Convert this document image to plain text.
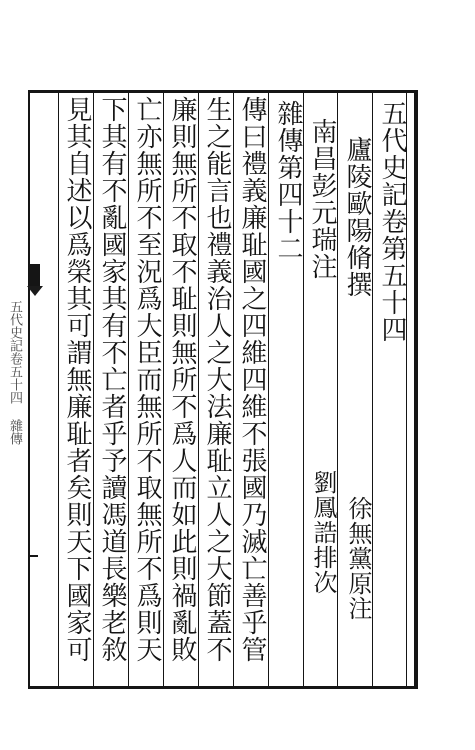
五代史記卷五十四 雜傳
五代史記卷第五十四
廬陵歐陽脩撰
徐無黨原注
南昌彭元瑞注
劉鳳誥排次
雜傳第四十二
傳曰禮義廉耻國之四維四維不張國乃滅亡善乎管
生之能言也禮義治人之大法廉耻立人之大節蓋不
廉則無所不取不耻則無所不爲人而如此則禍亂敗
亡亦無所不至況爲大臣而無所不取無所不爲則天
下其有不亂國家其有不亡者乎予讀馮道長樂老敘
見其自述以爲榮其可謂無廉耻者矣則天下國家可
